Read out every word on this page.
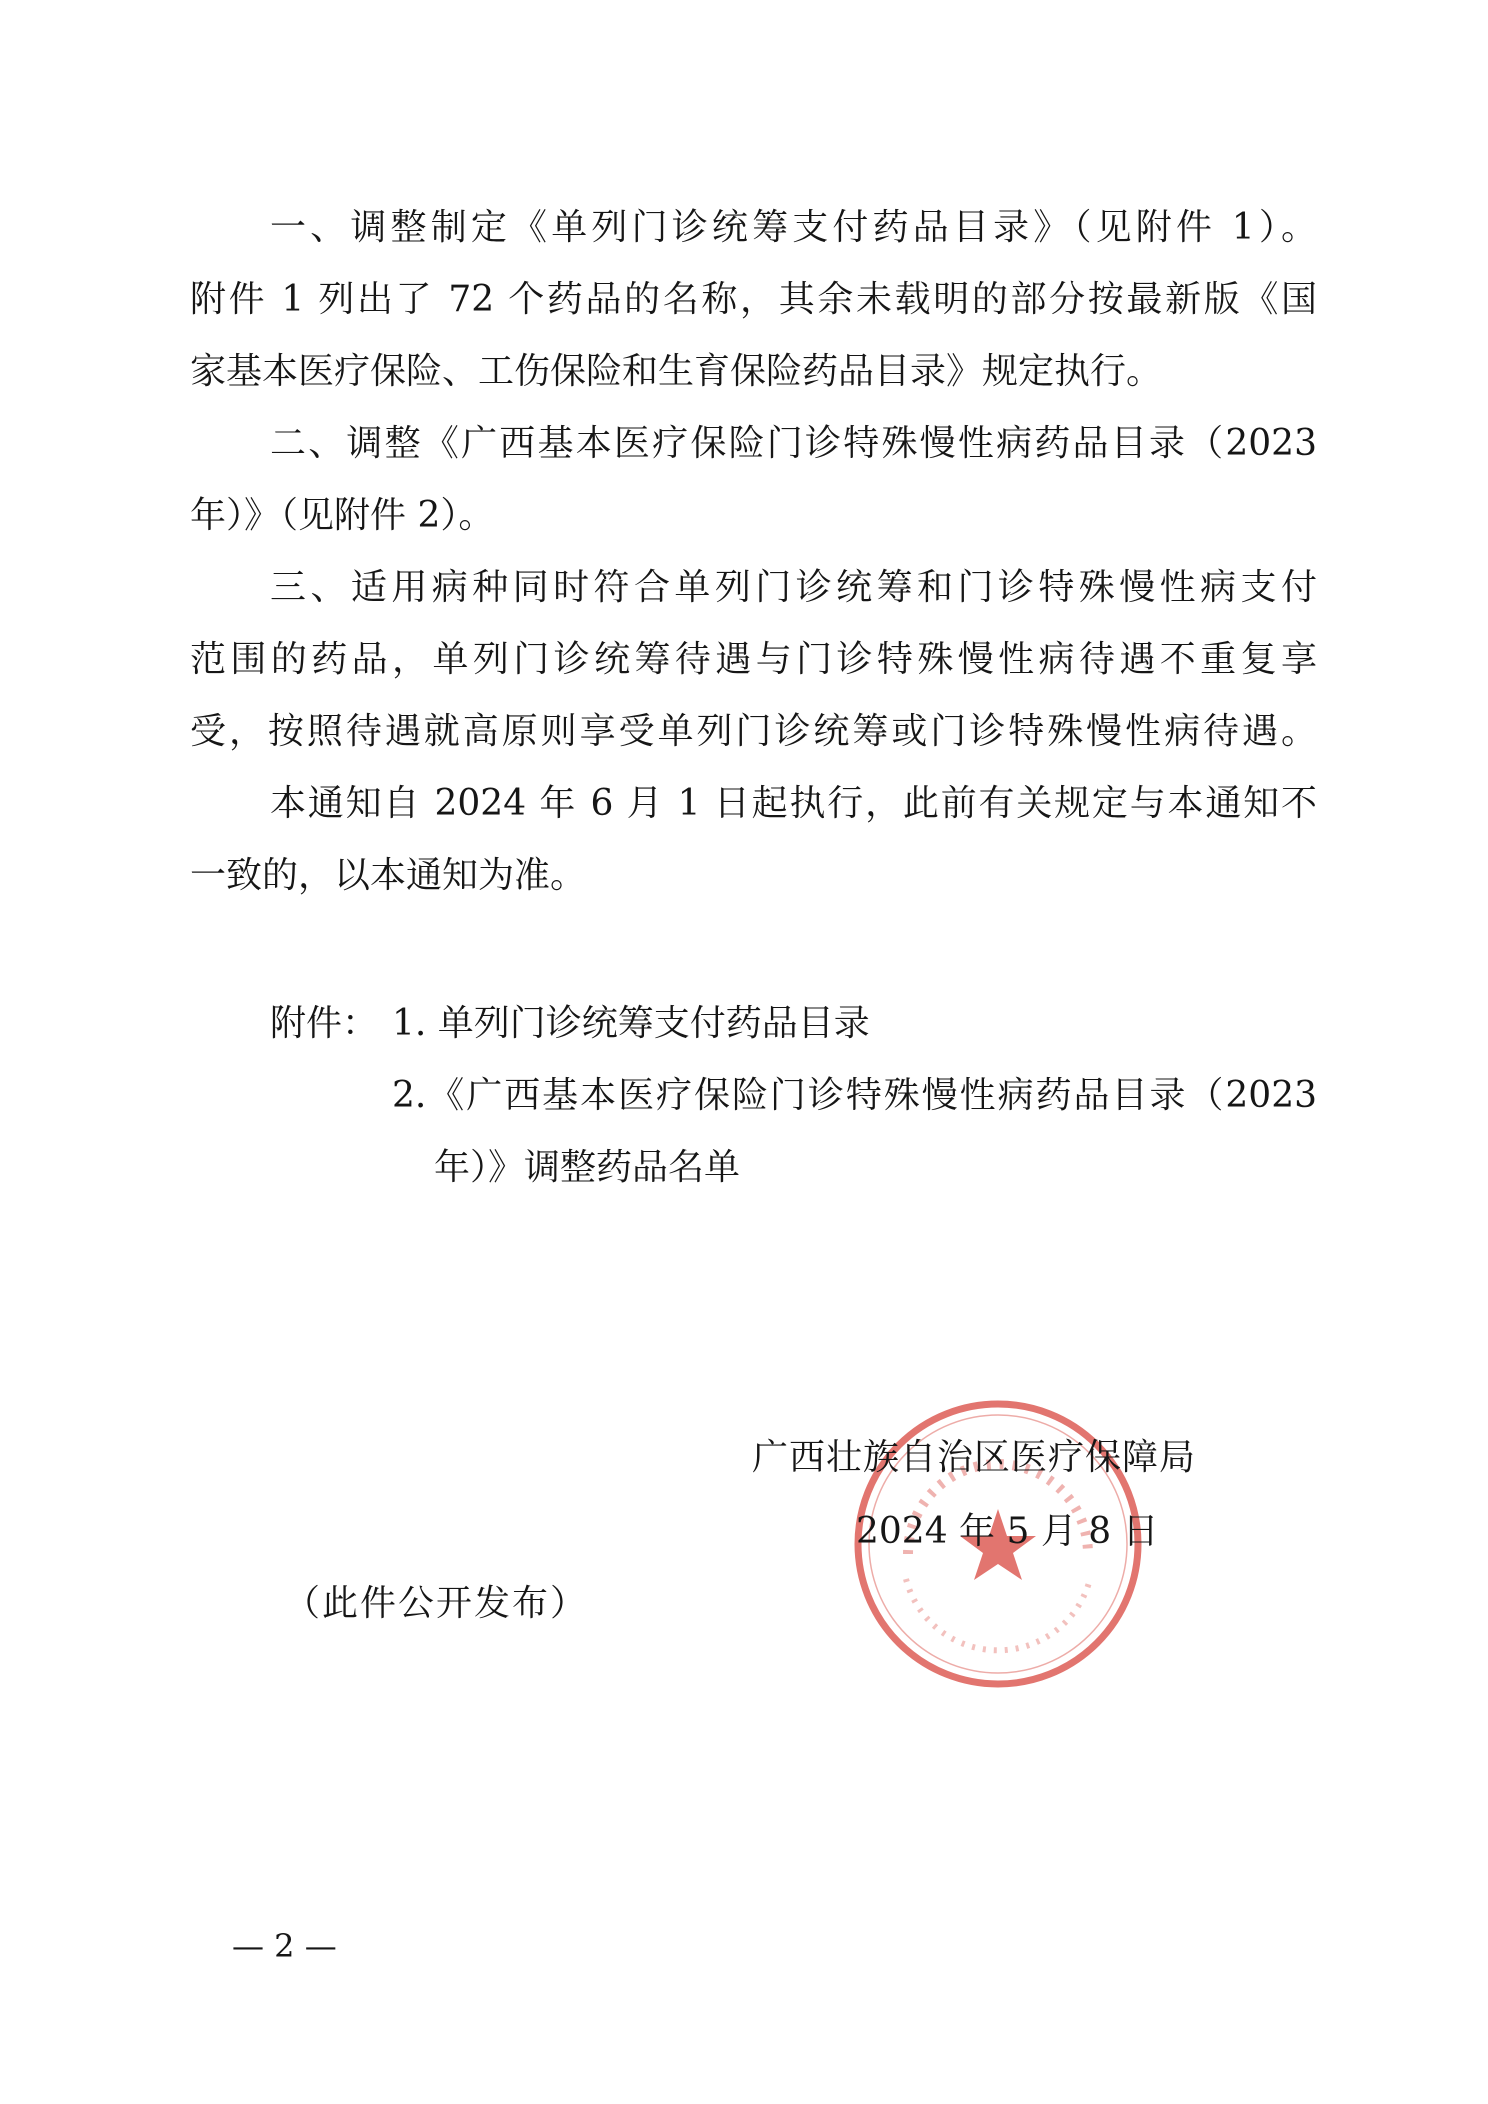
一、调整制定《单列门诊统筹支付药品目录》（见附件 1）。

附件 1 列出了 72 个药品的名称，其余未载明的部分按最新版《国

家基本医疗保险、工伤保险和生育保险药品目录》规定执行。

二、调整《广西基本医疗保险门诊特殊慢性病药品目录（2023

年）》（见附件 2）。

三、适用病种同时符合单列门诊统筹和门诊特殊慢性病支付

范围的药品，单列门诊统筹待遇与门诊特殊慢性病待遇不重复享

受，按照待遇就高原则享受单列门诊统筹或门诊特殊慢性病待遇。

本通知自 2024 年 6 月 1 日起执行，此前有关规定与本通知不

一致的，以本通知为准。

附件： 1. 单列门诊统筹支付药品目录

2.《广西基本医疗保险门诊特殊慢性病药品目录（2023

年）》调整药品名单

广西壮族自治区医疗保障局
2024 年 5 月 8 日
（此件公开发布）
— 2 —
